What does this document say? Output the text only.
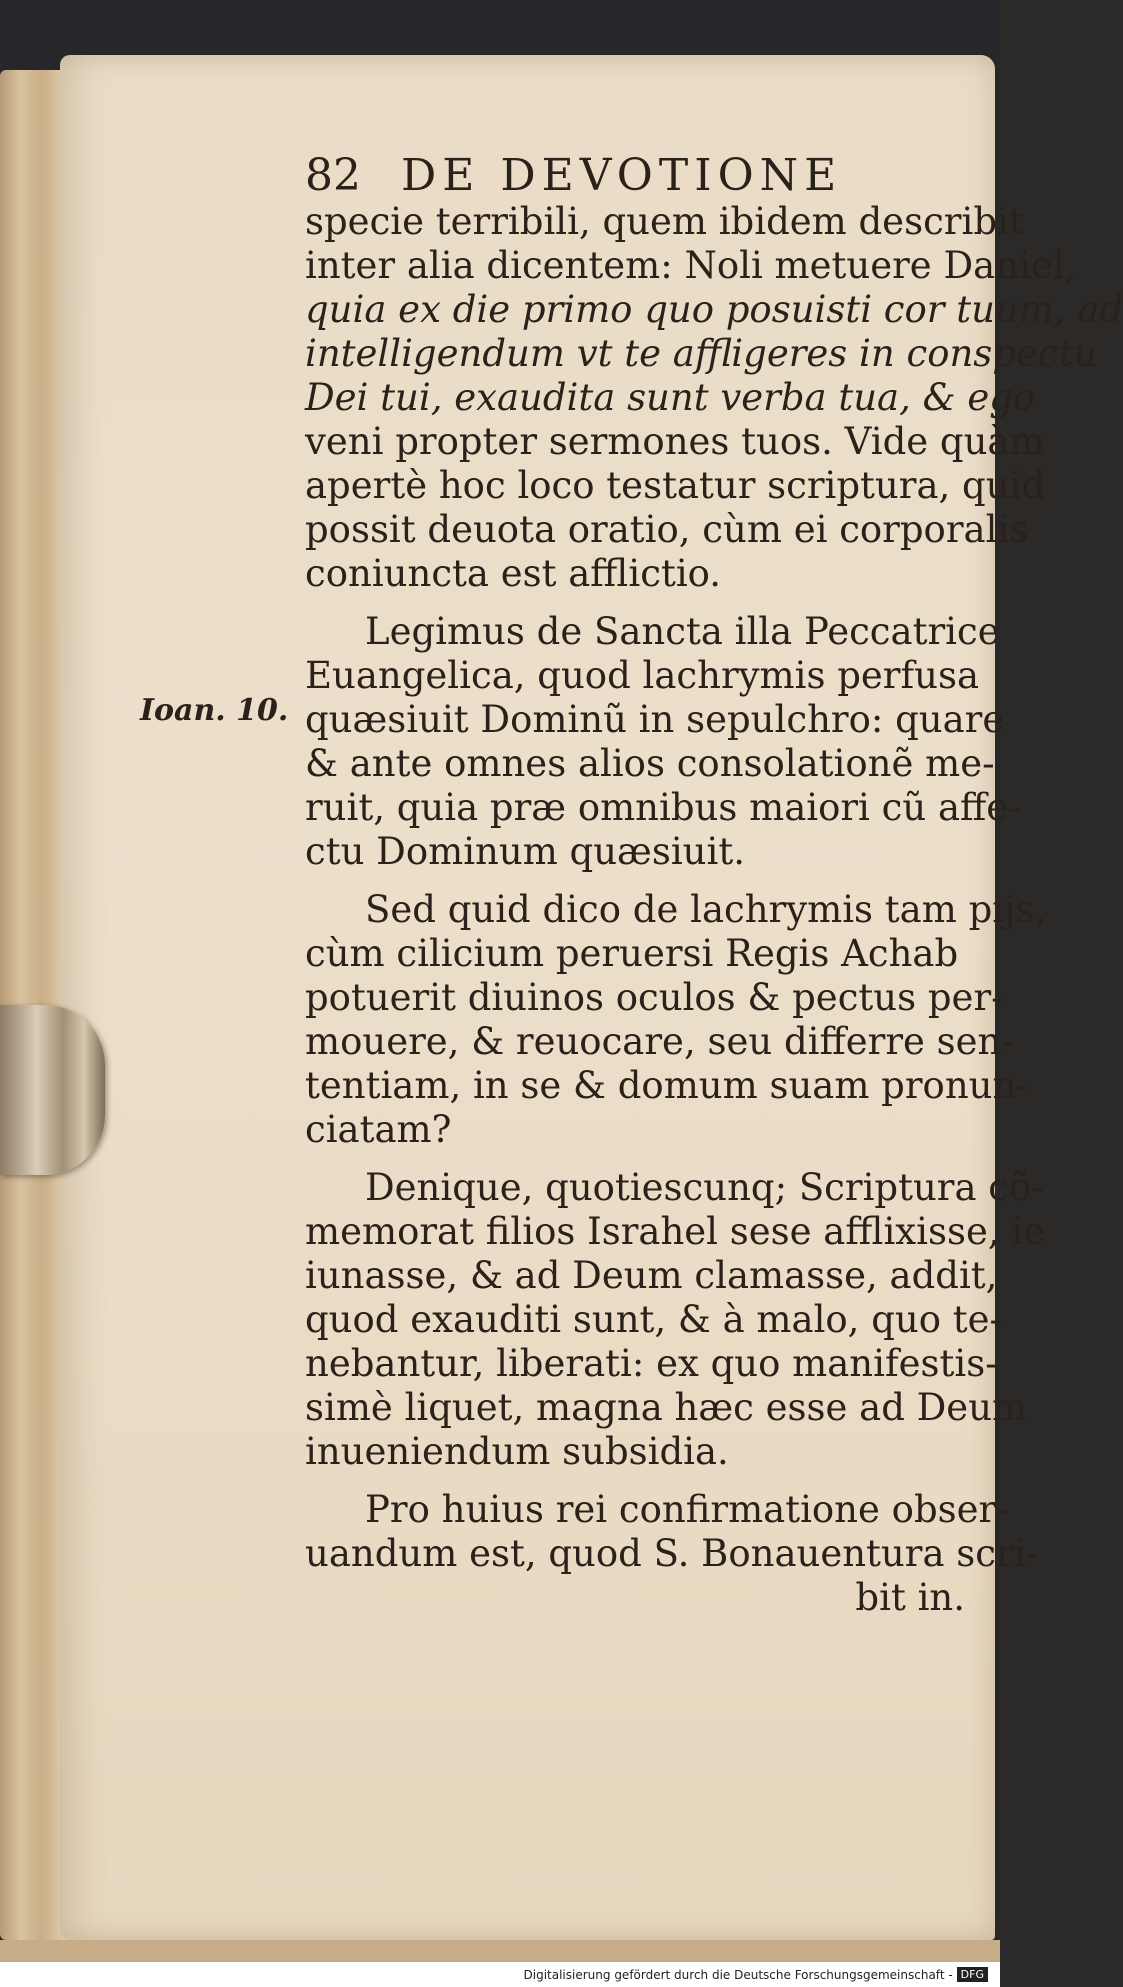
82 DE DEVOTIONE
Ioan. 10.
specie terribili, quem ibidem describit
inter alia dicentem: Noli metuere Daniel,
quia ex die primo quo posuisti cor tuum, ad
intelligendum vt te affligeres in conspectu
Dei tui, exaudita sunt verba tua, & ego
veni propter sermones tuos. Vide quàm
apertè hoc loco testatur scriptura, quid
possit deuota oratio, cùm ei corporalis
coniuncta est afflictio.
Legimus de Sancta illa Peccatrice
Euangelica, quod lachrymis perfusa
quæsiuit Dominũ in sepulchro: quare
& ante omnes alios consolationẽ me-
ruit, quia præ omnibus maiori cũ affe-
ctu Dominum quæsiuit.
Sed quid dico de lachrymis tam pijs,
cùm cilicium peruersi Regis Achab
potuerit diuinos oculos & pectus per-
mouere, & reuocare, seu differre sen-
tentiam, in se & domum suam pronun-
ciatam?
Denique, quotiescunq; Scriptura cõ-
memorat filios Israhel sese afflixisse, ie
iunasse, & ad Deum clamasse, addit,
quod exauditi sunt, & à malo, quo te-
nebantur, liberati: ex quo manifestis-
simè liquet, magna hæc esse ad Deum
inueniendum subsidia.
Pro huius rei confirmatione obser-
uandum est, quod S. Bonauentura scri-
bit in.
Digitalisierung gefördert durch die Deutsche Forschungsgemeinschaft - DFG
